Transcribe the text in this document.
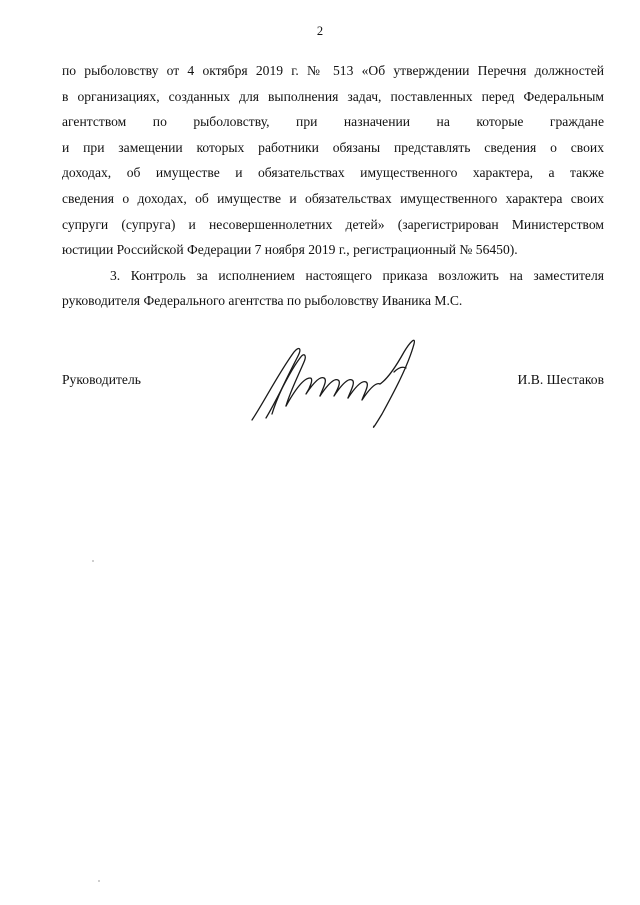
2
по рыболовству от 4 октября 2019 г. № 513 «Об утверждении Перечня должностей
в организациях, созданных для выполнения задач, поставленных перед Федеральным
агентством по рыболовству, при назначении на которые граждане
и при замещении которых работники обязаны представлять сведения о своих
доходах, об имуществе и обязательствах имущественного характера, а также
сведения о доходах, об имуществе и обязательствах имущественного характера своих
супруги (супруга) и несовершеннолетних детей» (зарегистрирован Министерством
юстиции Российской Федерации 7 ноября 2019 г., регистрационный № 56450).
3. Контроль за исполнением настоящего приказа возложить на заместителя
руководителя Федерального агентства по рыболовству Иваника М.С.
Руководитель	И.В. Шестаков
